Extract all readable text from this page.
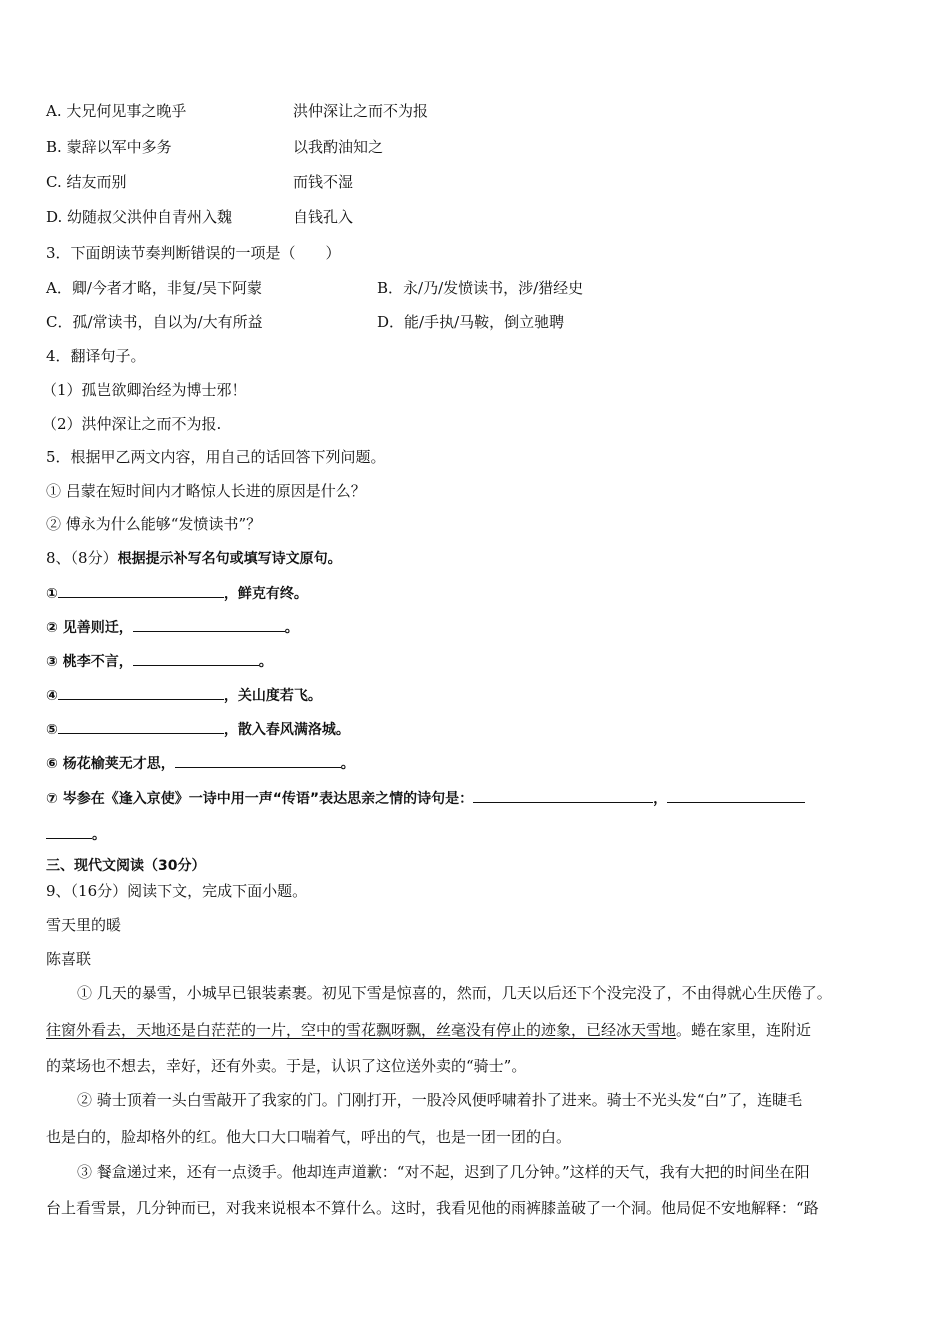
A. 大兄何见事之晚乎	洪仲深让之而不为报
B. 蒙辞以军中多务	以我酌油知之
C. 结友而别	而钱不湿
D. 幼随叔父洪仲自青州入魏	自钱孔入
3．下面朗读节奏判断错误的一项是（　　）
A．卿/今者才略，非复/吴下阿蒙	B．永/乃/发愤读书，涉/猎经史
C．孤/常读书，自以为/大有所益	D．能/手执/马鞍，倒立驰聘
4．翻译句子。
（1）孤岂欲卿治经为博士邪！
（2）洪仲深让之而不为报.
5．根据甲乙两文内容，用自己的话回答下列问题。
① 吕蒙在短时间内才略惊人长进的原因是什么？
② 傅永为什么能够“发愤读书”？
8、（8分）根据提示补写名句或填写诗文原句。
①	，鲜克有终。
② 见善则迁，	。
③ 桃李不言，	。
④	，关山度若飞。
⑤	，散入春风满洛城。
⑥ 杨花榆荚无才思，	。
⑦ 岑参在《逢入京使》一诗中用一声“传语”表达思亲之情的诗句是：	，
。
三、现代文阅读（30分）
9、（16分）阅读下文，完成下面小题。
雪天里的暖
陈喜联
① 几天的暴雪，小城早已银装素裹。初见下雪是惊喜的，然而，几天以后还下个没完没了，不由得就心生厌倦了。
往窗外看去，天地还是白茫茫的一片，空中的雪花飘呀飘，丝毫没有停止的迹象，已经冰天雪地。蜷在家里，连附近
的菜场也不想去，幸好，还有外卖。于是，认识了这位送外卖的“骑士”。
② 骑士顶着一头白雪敲开了我家的门。门刚打开，一股冷风便呼啸着扑了进来。骑士不光头发“白”了，连睫毛
也是白的，脸却格外的红。他大口大口喘着气，呼出的气，也是一团一团的白。
③ 餐盒递过来，还有一点烫手。他却连声道歉：“对不起，迟到了几分钟。”这样的天气，我有大把的时间坐在阳
台上看雪景，几分钟而已，对我来说根本不算什么。这时，我看见他的雨裤膝盖破了一个洞。他局促不安地解释：“路
